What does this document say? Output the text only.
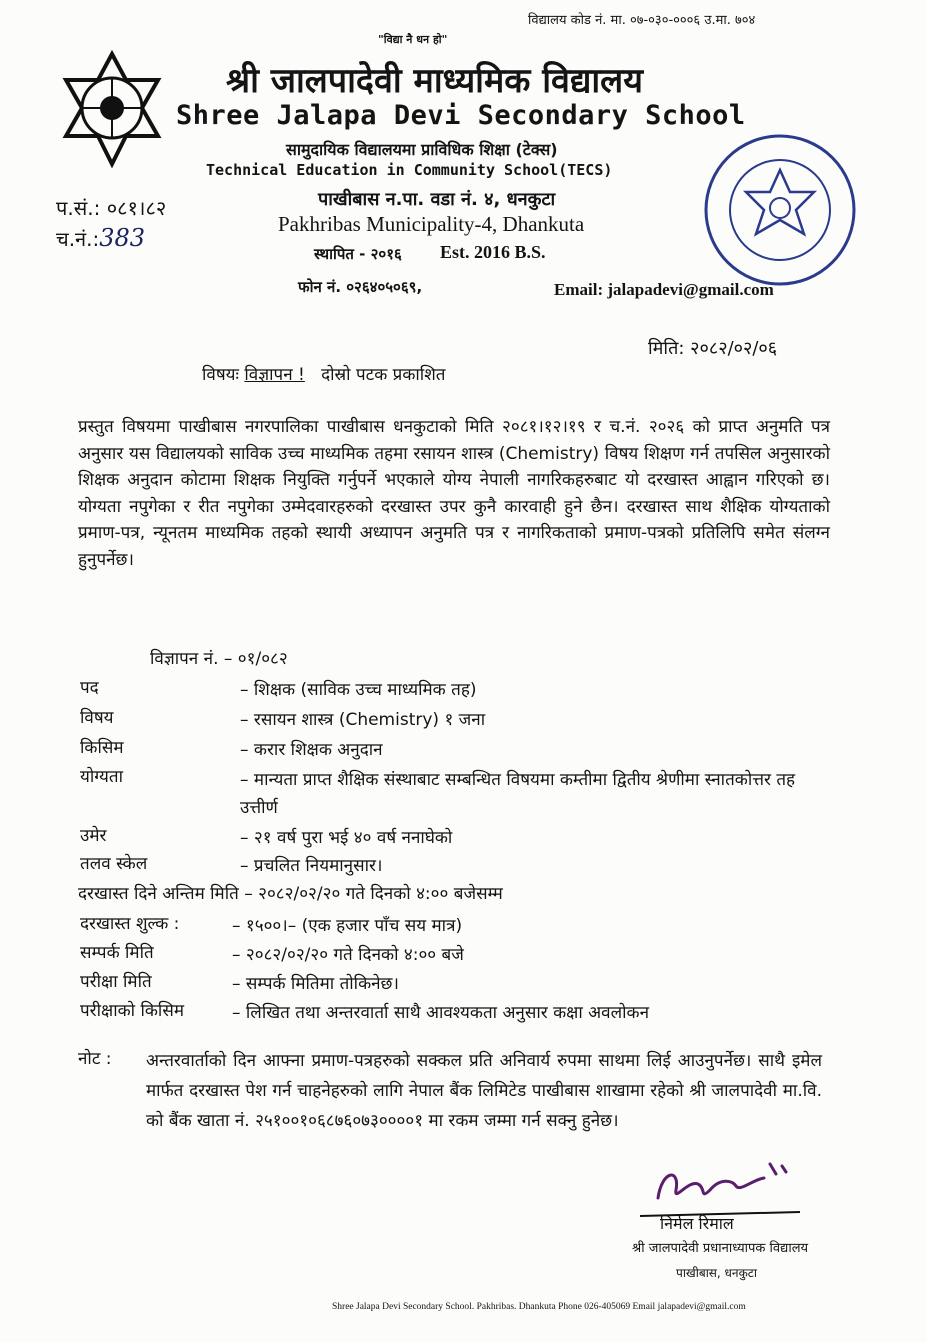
विद्यालय कोड नं. मा. ०७-०३०-०००६ उ.मा. ७०४
"विद्या नै धन हो"
श्री जालपादेवी माध्यमिक विद्यालय
Shree Jalapa Devi Secondary School
सामुदायिक विद्यालयमा प्राविधिक शिक्षा (टेक्स)
Technical Education in Community School(TECS)
पाखीबास न.पा. वडा नं. ४, धनकुटा
Pakhribas Municipality-4, Dhankuta
स्थापित - २०१६ Est. 2016 B.S.
फोन नं. ०२६४०५०६९,	Email: jalapadevi@gmail.com
प.सं.: ०८१।८२
च.नं.:383
मिति: २०८२/०२/०६
विषयः विज्ञापन ! दोस्रो पटक प्रकाशित
प्रस्तुत विषयमा पाखीबास नगरपालिका पाखीबास धनकुटाको मिति २०८१।१२।१९ र च.नं. २०२६ को प्राप्त अनुमति पत्र अनुसार यस विद्यालयको साविक उच्च माध्यमिक तहमा रसायन शास्त्र (Chemistry) विषय शिक्षण गर्न तपसिल अनुसारको शिक्षक अनुदान कोटामा शिक्षक नियुक्ति गर्नुपर्ने भएकाले योग्य नेपाली नागरिकहरुबाट यो दरखास्त आह्वान गरिएको छ। योग्यता नपुगेका र रीत नपुगेका उम्मेदवारहरुको दरखास्त उपर कुनै कारवाही हुने छैन। दरखास्त साथ शैक्षिक योग्यताको प्रमाण-पत्र, न्यूनतम माध्यमिक तहको स्थायी अध्यापन अनुमति पत्र र नागरिकताको प्रमाण-पत्रको प्रतिलिपि समेत संलग्न हुनुपर्नेछ।
विज्ञापन नं. – ०१/०८२
पद	– शिक्षक (साविक उच्च माध्यमिक तह)
विषय	– रसायन शास्त्र (Chemistry) १ जना
किसिम	– करार शिक्षक अनुदान
योग्यता	– मान्यता प्राप्त शैक्षिक संस्थाबाट सम्बन्धित विषयमा कम्तीमा द्वितीय श्रेणीमा स्नातकोत्तर तह उत्तीर्ण
उमेर	– २१ वर्ष पुरा भई ४० वर्ष ननाघेको
तलव स्केल	– प्रचलित नियमानुसार।
दरखास्त दिने अन्तिम मिति – २०८२/०२/२० गते दिनको ४:०० बजेसम्म
दरखास्त शुल्क :	– १५००।– (एक हजार पाँच सय मात्र)
सम्पर्क मिति	– २०८२/०२/२० गते दिनको ४:०० बजे
परीक्षा मिति	– सम्पर्क मितिमा तोकिनेछ।
परीक्षाको किसिम	– लिखित तथा अन्तरवार्ता साथै आवश्यकता अनुसार कक्षा अवलोकन
नोट : अन्तरवार्ताको दिन आफ्ना प्रमाण-पत्रहरुको सक्कल प्रति अनिवार्य रुपमा साथमा लिई आउनुपर्नेछ। साथै इमेल मार्फत दरखास्त पेश गर्न चाहनेहरुको लागि नेपाल बैंक लिमिटेड पाखीबास शाखामा रहेको श्री जालपादेवी मा.वि. को बैंक खाता नं. २५१००१०६८७६०७३००००१ मा रकम जम्मा गर्न सक्नु हुनेछ।
निर्मल रिमाल
श्री जालपादेवी प्रधानाध्यापक विद्यालय
पाखीबास, धनकुटा
Shree Jalapa Devi Secondary School. Pakhribas. Dhankuta Phone 026-405069 Email jalapadevi@gmail.com
